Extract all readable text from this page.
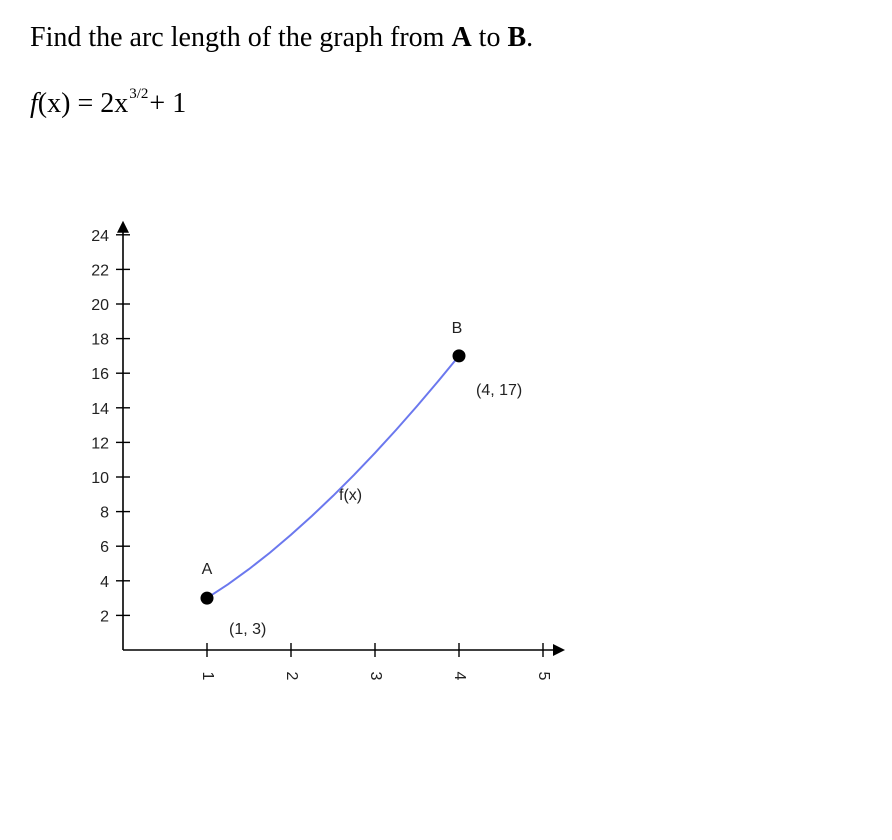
Find the arc length of the graph from A to B.
$f(x) = 2x^{3/2}+ 1$
2
4
6
8
10
12
14
16
18
20
22
24
1	2	3	4	5
f(x)
A
(1, 3)
B
(4, 17)
